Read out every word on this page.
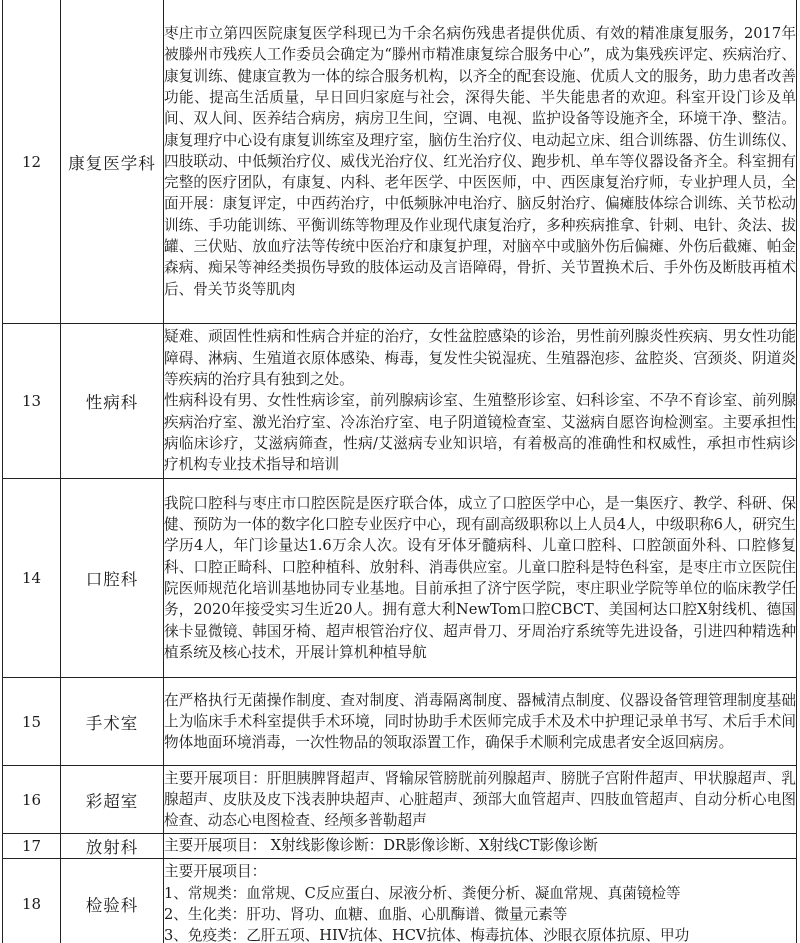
12	康复医学科	枣庄市立第四医院康复医学科现已为千余名病伤残患者提供优质、有效的精准康复服务，2017年被滕州市残疾人工作委员会确定为“滕州市精准康复综合服务中心”，成为集残疾评定、疾病治疗、康复训练、健康宣教为一体的综合服务机构，以齐全的配套设施、优质人文的服务，助力患者改善功能、提高生活质量，早日回归家庭与社会，深得失能、半失能患者的欢迎。科室开设门诊及单间、双人间、医养结合病房，病房卫生间，空调、电视、监护设备等设施齐全，环境干净、整洁。康复理疗中心设有康复训练室及理疗室，脑仿生治疗仪、电动起立床、组合训练器、仿生训练仪、四肢联动、中低频治疗仪、威伐光治疗仪、红光治疗仪、跑步机、单车等仪器设备齐全。科室拥有完整的医疗团队，有康复、内科、老年医学、中医医师，中、西医康复治疗师，专业护理人员，全面开展：康复评定，中西药治疗，中低频脉冲电治疗、脑反射治疗、偏瘫肢体综合训练、关节松动训练、手功能训练、平衡训练等物理及作业现代康复治疗，多种疾病推拿、针刺、电针、灸法、拔罐、三伏贴、放血疗法等传统中医治疗和康复护理，对脑卒中或脑外伤后偏瘫、外伤后截瘫、帕金森病、痴呆等神经类损伤导致的肢体运动及言语障碍，骨折、关节置换术后、手外伤及断肢再植术后、骨关节炎等肌肉

13	性病科	疑难、顽固性性病和性病合并症的治疗，女性盆腔感染的诊治，男性前列腺炎性疾病、男女性功能障碍、淋病、生殖道衣原体感染、梅毒，复发性尖锐湿疣、生殖器泡疹、盆腔炎、宫颈炎、阴道炎等疾病的治疗具有独到之处。

性病科设有男、女性性病诊室，前列腺病诊室、生殖整形诊室、妇科诊室、不孕不育诊室、前列腺疾病治疗室、激光治疗室、冷冻治疗室、电子阴道镜检查室、艾滋病自愿咨询检测室。主要承担性病临床诊疗，艾滋病筛查，性病/艾滋病专业知识培，有着极高的准确性和权威性，承担市性病诊疗机构专业技术指导和培训

14	口腔科	我院口腔科与枣庄市口腔医院是医疗联合体，成立了口腔医学中心，是一集医疗、教学、科研、保健、预防为一体的数字化口腔专业医疗中心，现有副高级职称以上人员4人，中级职称6人，研究生学历4人，年门诊量达1.6万余人次。设有牙体牙髓病科、儿童口腔科、口腔颌面外科、口腔修复科、口腔正畸科、口腔种植科、放射科、消毒供应室。儿童口腔科是特色科室，是枣庄市立医院住院医师规范化培训基地协同专业基地。目前承担了济宁医学院，枣庄职业学院等单位的临床教学任务，2020年接受实习生近20人。拥有意大利NewTom口腔CBCT、美国柯达口腔X射线机、德国徕卡显微镜、韩国牙椅、超声根管治疗仪、超声骨刀、牙周治疗系统等先进设备，引进四种精选种植系统及核心技术，开展计算机种植导航

15	手术室	在严格执行无菌操作制度、查对制度、消毒隔离制度、器械清点制度、仪器设备管理管理制度基础上为临床手术科室提供手术环境，同时协助手术医师完成手术及术中护理记录单书写、术后手术间物体地面环境消毒，一次性物品的领取添置工作，确保手术顺利完成患者安全返回病房。

16	彩超室	主要开展项目：肝胆胰脾肾超声、肾输尿管膀胱前列腺超声、膀胱子宫附件超声、甲状腺超声、乳腺超声、皮肤及皮下浅表肿块超声、心脏超声、颈部大血管超声、四肢血管超声、自动分析心电图检查、动态心电图检查、经颅多普勒超声

17	放射科	主要开展项目： X射线影像诊断：DR影像诊断、X射线CT影像诊断

18	检验科	主要开展项目：

1、常规类：血常规、C反应蛋白、尿液分析、粪便分析、凝血常规、真菌镜检等

2、生化类：肝功、肾功、血糖、血脂、心肌酶谱、微量元素等

3、免疫类：乙肝五项、HIV抗体、HCV抗体、梅毒抗体、沙眼衣原体抗原、甲功
